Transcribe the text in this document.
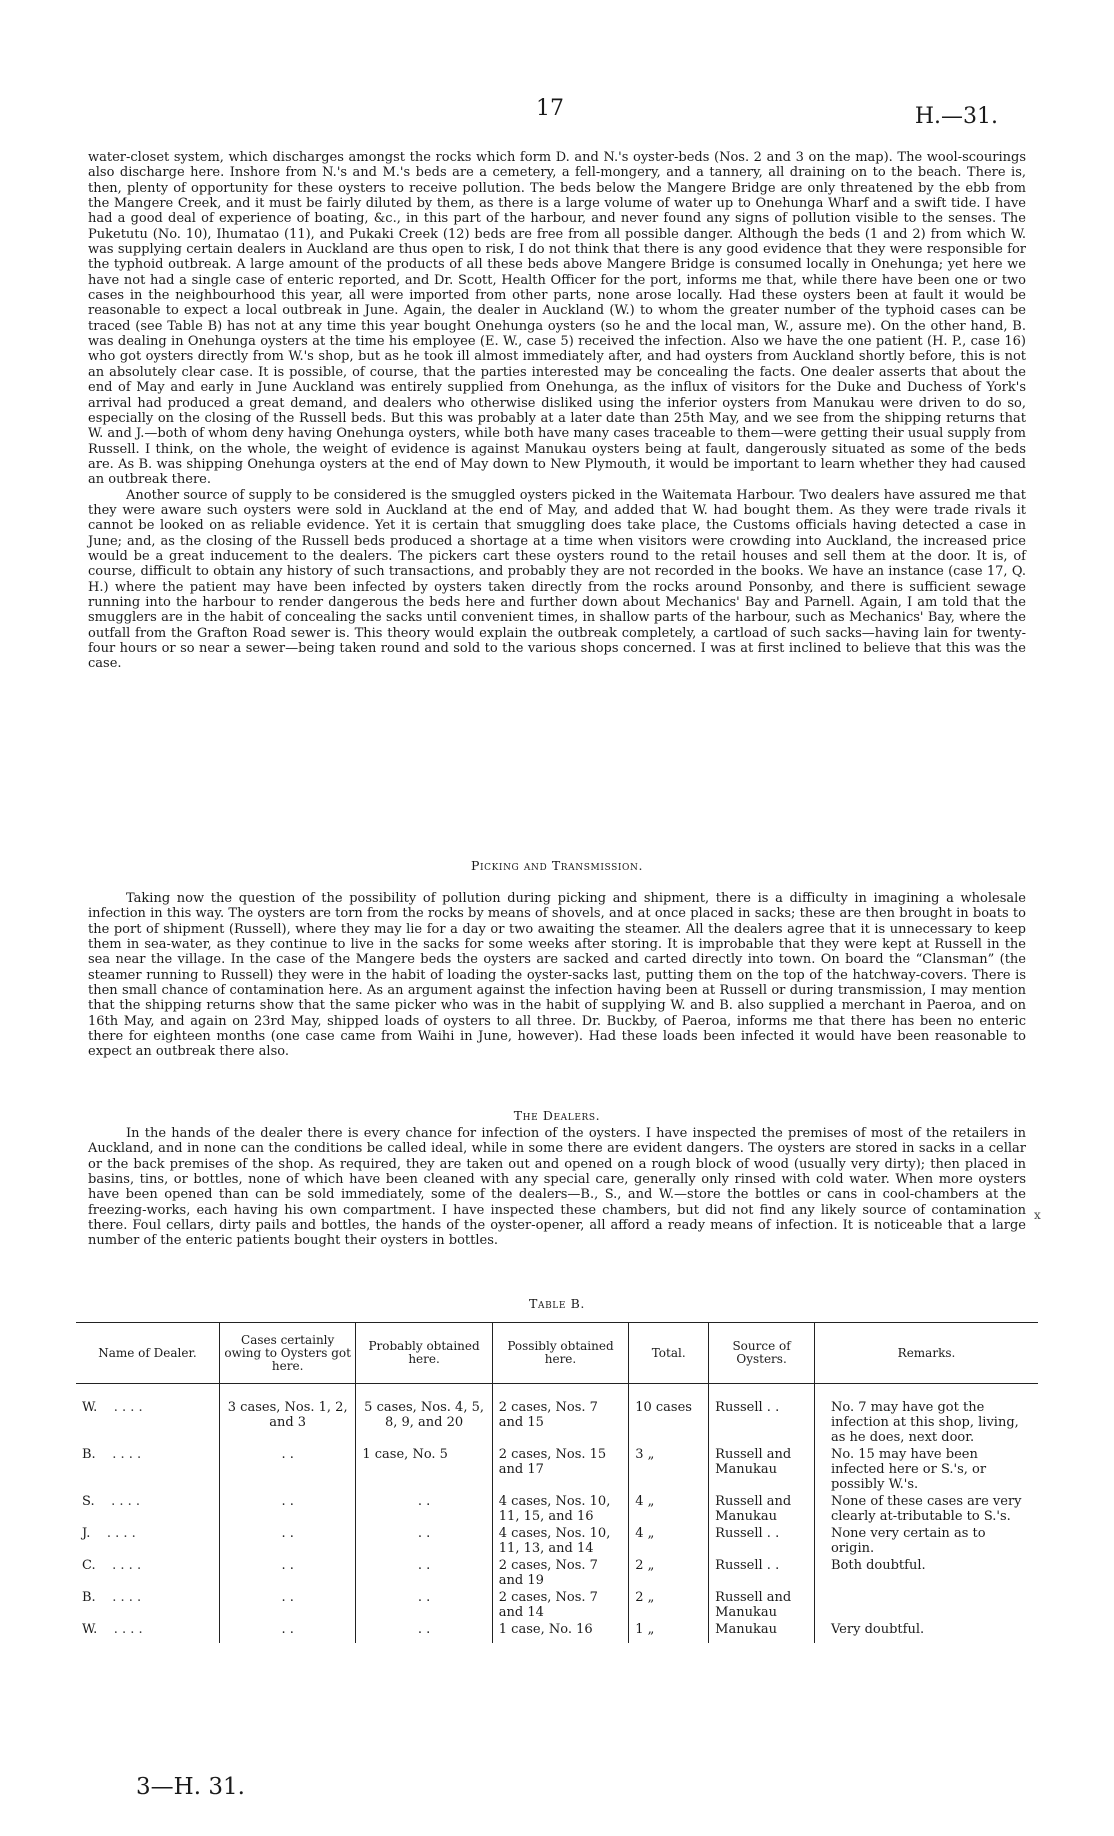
17	H.—31.

water-closet system, which discharges amongst the rocks which form D. and N.'s oyster-beds (Nos. 2 and 3 on the map). The wool-scourings also discharge here. Inshore from N.'s and M.'s beds are a cemetery, a fell-mongery, and a tannery, all draining on to the beach. There is, then, plenty of opportunity for these oysters to receive pollution. The beds below the Mangere Bridge are only threatened by the ebb from the Mangere Creek, and it must be fairly diluted by them, as there is a large volume of water up to Onehunga Wharf and a swift tide. I have had a good deal of experience of boating, &c., in this part of the harbour, and never found any signs of pollution visible to the senses. The Puketutu (No. 10), Ihumatao (11), and Pukaki Creek (12) beds are free from all possible danger. Although the beds (1 and 2) from which W. was supplying certain dealers in Auckland are thus open to risk, I do not think that there is any good evidence that they were responsible for the typhoid outbreak. A large amount of the products of all these beds above Mangere Bridge is consumed locally in Onehunga; yet here we have not had a single case of enteric reported, and Dr. Scott, Health Officer for the port, informs me that, while there have been one or two cases in the neighbourhood this year, all were imported from other parts, none arose locally. Had these oysters been at fault it would be reasonable to expect a local outbreak in June. Again, the dealer in Auckland (W.) to whom the greater number of the typhoid cases can be traced (see Table B) has not at any time this year bought Onehunga oysters (so he and the local man, W., assure me). On the other hand, B. was dealing in Onehunga oysters at the time his employee (E. W., case 5) received the infection. Also we have the one patient (H. P., case 16) who got oysters directly from W.'s shop, but as he took ill almost immediately after, and had oysters from Auckland shortly before, this is not an absolutely clear case. It is possible, of course, that the parties interested may be concealing the facts. One dealer asserts that about the end of May and early in June Auckland was entirely supplied from Onehunga, as the influx of visitors for the Duke and Duchess of York's arrival had produced a great demand, and dealers who otherwise disliked using the inferior oysters from Manukau were driven to do so, especially on the closing of the Russell beds. But this was probably at a later date than 25th May, and we see from the shipping returns that W. and J.—both of whom deny having Onehunga oysters, while both have many cases traceable to them—were getting their usual supply from Russell. I think, on the whole, the weight of evidence is against Manukau oysters being at fault, dangerously situated as some of the beds are. As B. was shipping Onehunga oysters at the end of May down to New Plymouth, it would be important to learn whether they had caused an outbreak there.

Another source of supply to be considered is the smuggled oysters picked in the Waitemata Harbour. Two dealers have assured me that they were aware such oysters were sold in Auckland at the end of May, and added that W. had bought them. As they were trade rivals it cannot be looked on as reliable evidence. Yet it is certain that smuggling does take place, the Customs officials having detected a case in June; and, as the closing of the Russell beds produced a shortage at a time when visitors were crowding into Auckland, the increased price would be a great inducement to the dealers. The pickers cart these oysters round to the retail houses and sell them at the door. It is, of course, difficult to obtain any history of such transactions, and probably they are not recorded in the books. We have an instance (case 17, Q. H.) where the patient may have been infected by oysters taken directly from the rocks around Ponsonby, and there is sufficient sewage running into the harbour to render dangerous the beds here and further down about Mechanics' Bay and Parnell. Again, I am told that the smugglers are in the habit of concealing the sacks until convenient times, in shallow parts of the harbour, such as Mechanics' Bay, where the outfall from the Grafton Road sewer is. This theory would explain the outbreak completely, a cartload of such sacks—having lain for twenty-four hours or so near a sewer—being taken round and sold to the various shops concerned. I was at first inclined to believe that this was the case.

Picking and Transmission.

Taking now the question of the possibility of pollution during picking and shipment, there is a difficulty in imagining a wholesale infection in this way. The oysters are torn from the rocks by means of shovels, and at once placed in sacks; these are then brought in boats to the port of shipment (Russell), where they may lie for a day or two awaiting the steamer. All the dealers agree that it is unnecessary to keep them in sea-water, as they continue to live in the sacks for some weeks after storing. It is improbable that they were kept at Russell in the sea near the village. In the case of the Mangere beds the oysters are sacked and carted directly into town. On board the “Clansman” (the steamer running to Russell) they were in the habit of loading the oyster-sacks last, putting them on the top of the hatchway-covers. There is then small chance of contamination here. As an argument against the infection having been at Russell or during transmission, I may mention that the shipping returns show that the same picker who was in the habit of supplying W. and B. also supplied a merchant in Paeroa, and on 16th May, and again on 23rd May, shipped loads of oysters to all three. Dr. Buckby, of Paeroa, informs me that there has been no enteric there for eighteen months (one case came from Waihi in June, however). Had these loads been infected it would have been reasonable to expect an outbreak there also.

The Dealers.

In the hands of the dealer there is every chance for infection of the oysters. I have inspected the premises of most of the retailers in Auckland, and in none can the conditions be called ideal, while in some there are evident dangers. The oysters are stored in sacks in a cellar or the back premises of the shop. As required, they are taken out and opened on a rough block of wood (usually very dirty); then placed in basins, tins, or bottles, none of which have been cleaned with any special care, generally only rinsed with cold water. When more oysters have been opened than can be sold immediately, some of the dealers—B., S., and W.—store the bottles or cans in cool-chambers at the freezing-works, each having his own compartment. I have inspected these chambers, but did not find any likely source of contamination there. Foul cellars, dirty pails and bottles, the hands of the oyster-opener, all afford a ready means of infection. It is noticeable that a large number of the enteric patients bought their oysters in bottles.

x
Table B.
Name of Dealer.	Cases certainly owing to Oysters got here.	Probably obtained here.	Possibly obtained here.	Total.	Source of Oysters.	Remarks.
W. . . . .	3 cases, Nos. 1, 2, and 3	5 cases, Nos. 4, 5, 8, 9, and 20	2 cases, Nos. 7 and 15	10 cases	Russell . .	No. 7 may have got the infection at this shop, living, as he does, next door.
B. . . . .	. .	1 case, No. 5	2 cases, Nos. 15 and 17	3 „	Russell and Manukau	No. 15 may have been infected here or S.'s, or possibly W.'s.
S. . . . .	. .	. .	4 cases, Nos. 10, 11, 15, and 16	4 „	Russell and Manukau	None of these cases are very clearly at-tributable to S.'s.
J. . . . .	. .	. .	4 cases, Nos. 10, 11, 13, and 14	4 „	Russell . .	None very certain as to origin.
C. . . . .	. .	. .	2 cases, Nos. 7 and 19	2 „	Russell . .	Both doubtful.
B. . . . .	. .	. .	2 cases, Nos. 7 and 14	2 „	Russell and Manukau	
W. . . . .	. .	. .	1 case, No. 16	1 „	Manukau	Very doubtful.
3—H. 31.
